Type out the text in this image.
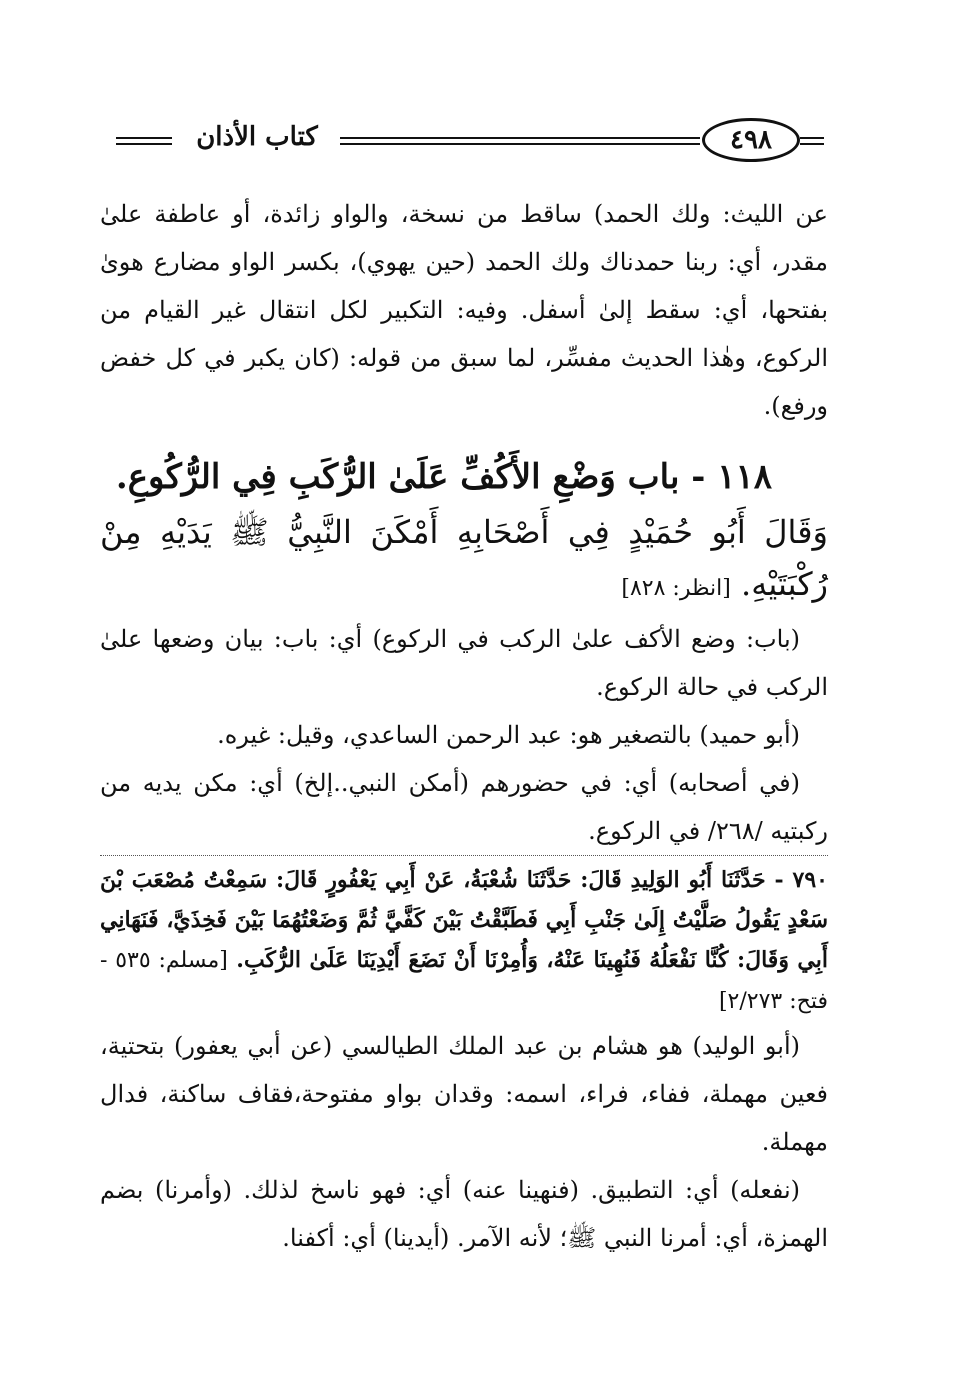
كتاب الأذان	٤٩٨

عن الليث: ولك الحمد) ساقط من نسخة، والواو زائدة، أو عاطفة علىٰ مقدر، أي: ربنا حمدناك ولك الحمد (حين يهوي)، بكسر الواو مضارع هوىٰ بفتحها، أي: سقط إلىٰ أسفل. وفيه: التكبير لكل انتقال غير القيام من الركوع، وهٰذا الحديث مفسِّر، لما سبق من قوله: (كان يكبر في كل خفض ورفع).

١١٨ - باب وَضْعِ الأَكُفِّ عَلَىٰ الرُّكَبِ فِي الرُّكُوعِ.

وَقَالَ أَبُو حُمَيْدٍ فِي أَصْحَابِهِ أَمْكَنَ النَّبِيُّ ﷺ يَدَيْهِ مِنْ رُكْبَتَيْهِ. [انظر: ٨٢٨]

(باب: وضع الأكف علىٰ الركب في الركوع) أي: باب: بيان وضعها علىٰ الركب في حالة الركوع.

(أبو حميد) بالتصغير هو: عبد الرحمن الساعدي، وقيل: غيره.

(في أصحابه) أي: في حضورهم (أمكن النبي..إلخ) أي: مكن يديه من ركبتيه /٢٦٨/ في الركوع.

٧٩٠ - حَدَّثَنَا أَبُو الوَلِيدِ قَالَ: حَدَّثَنَا شُعْبَةُ، عَنْ أَبِي يَعْفُورٍ قَالَ: سَمِعْتُ مُصْعَبَ بْنَ سَعْدٍ يَقُولُ صَلَّيْتُ إِلَىٰ جَنْبِ أَبِي فَطَبَّقْتُ بَيْنَ كَفَّيَّ ثُمَّ وَضَعْتُهُمَا بَيْنَ فَخِذَيَّ، فَنَهَانِي أَبِي وَقَالَ: كُنَّا نَفْعَلُهُ فَنُهِينَا عَنْهُ، وَأُمِرْنَا أَنْ نَضَعَ أَيْدِيَنَا عَلَىٰ الرُّكَبِ. [مسلم: ٥٣٥ - فتح: ٢/٢٧٣]

(أبو الوليد) هو هشام بن عبد الملك الطيالسي (عن أبي يعفور) بتحتية، فعين مهملة، ففاء، فراء، اسمه: وقدان بواو مفتوحة،فقاف ساكنة، فدال مهملة.

(نفعله) أي: التطبيق. (فنهينا عنه) أي: فهو ناسخ لذلك. (وأمرنا) بضم الهمزة، أي: أمرنا النبي ﷺ؛ لأنه الآمر. (أيدينا) أي: أكفنا.
